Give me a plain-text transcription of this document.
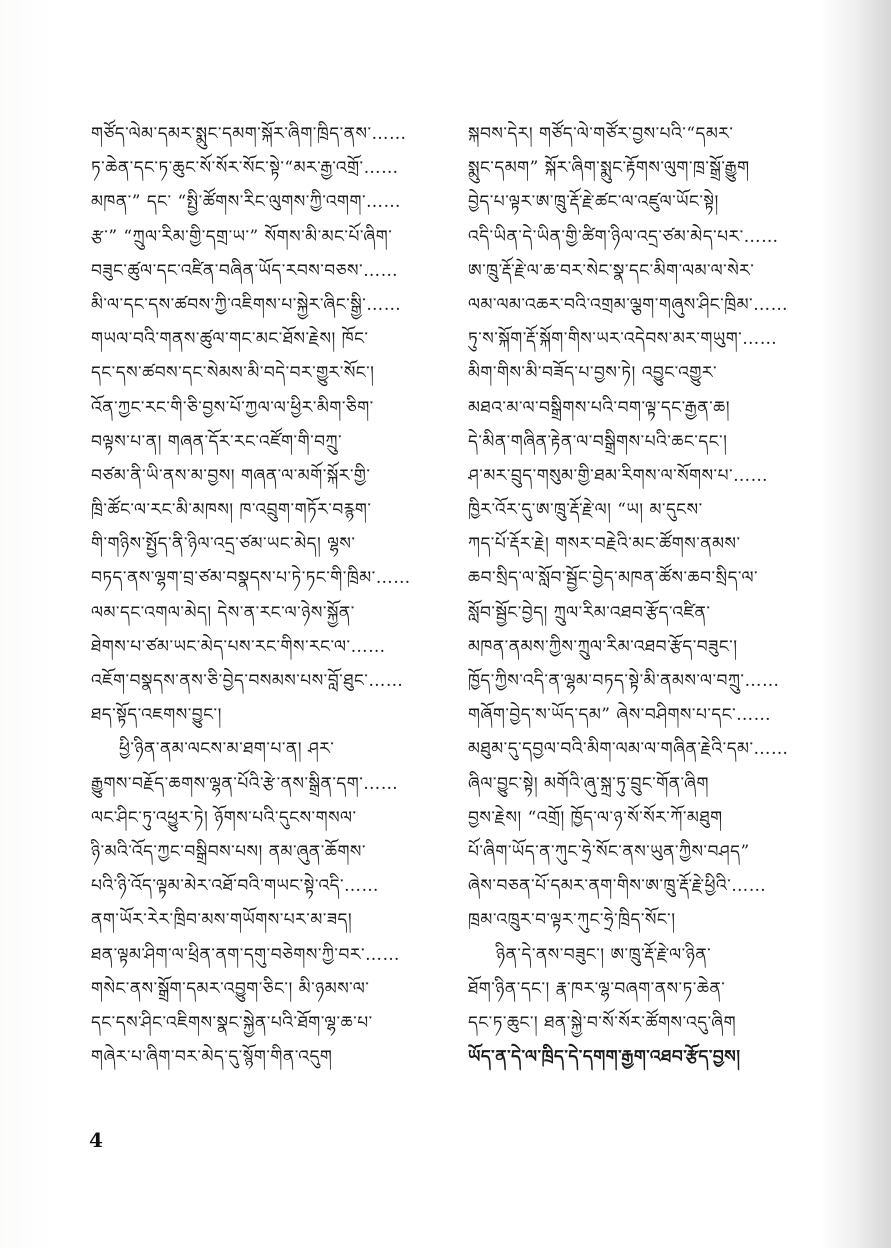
གཙོད་ལེམ་དམར་སྨུང་དམག་སྐོར་ཞིག་ཁྲིད་ནས་……
ཏ་ཆེན་དང་ཏ་ཆུང་སོ་སོར་སོང་སྟེ་“མར་རྒྱ་འགྲོ་……
མཁན་” དང་ “སྤྱི་ཚོགས་རིང་ལུགས་ཀྱི་འགག་……
རྩ་” “ཀྲུལ་རིམ་གྱི་དགྲ་ཡ་” སོགས་མི་མང་པོ་ཞིག་
བཟུང་ཚུལ་དང་འཛིན་བཞིན་ཡོད་རབས་བཅས་……
མི་ལ་དང་དས་ཚབས་ཀྱི་འཇིགས་པ་སྐྱེར་ཞིང་སྒྱི་……
གཡལ་བའི་གནས་ཚུལ་གང་མང་ཐོས་རྗེས། ཁོང་
དང་དས་ཚབས་དང་སེམས་མི་བདེ་བར་གྱུར་སོང་།
འོན་ཀྱང་རང་གི་ཅི་བྱས་པོ་ཀྱལ་ལ་ཕྱིར་མིག་ཅིག་
བལྟས་པ་ན། གཞན་དོར་རང་འཛོག་གི་བཀྲུ་
བཙམ་ནི་ཡི་ནས་མ་བྱས། གཞན་ལ་མགོ་སྐོར་གྱི་
ཁྲི་ཚོང་ལ་རང་མི་མཁས། ཁ་འབྲུག་གཏོར་བརྙག་
གི་གཉིས་སྤྱོད་ནི་ཉིལ་འདྲ་ཙམ་ཡང་མེད། ལྷས་
བཏད་ནས་ལྷག་བྲ་ཙམ་བསྣདས་པ་ཏེ་ཏང་གི་ཁྲིམ་……
ལམ་དང་འགལ་མེད། དེས་ན་རང་ལ་ཉེས་སྐྱོན་
ཐེགས་པ་ཙམ་ཡང་མེད་པས་རང་གིས་རང་ལ་……
འཇོག་བསྣདས་ནས་ཅི་བྱེད་བསམས་པས་བློ་ཐུང་……
ཐད་སྟོད་འཇགས་བྱུང་།
ཕྱི་ཉིན་ནམ་ལངས་མ་ཐག་པ་ན། ཤར་
རྒྱུགས་བརྗོད་ཆགས་ལྷན་པོའི་རྩེ་ནས་སྒྲིན་དག་……
ལང་ཤིང་ཏུ་འཕྱུར་ཏེ། ཉོགས་པའི་དུངས་གསལ་
ཉི་མའི་འོད་ཀྱང་བསྒྲིབས་པས། ནམ་ཞུན་ཆོགས་
པའི་ཉི་འོད་ལྟམ་མེར་འཐོ་བའི་གཡང་སྟེ་འདི་……
ནག་ཡོར་རེར་ཁྲིབ་མས་གཡོགས་པར་མ་ཟད།
ཐན་ལྟམ་ཤིག་ལ་ཕྲིན་ནག་དགུ་བཅེགས་ཀྱི་བར་……
གསེང་ནས་སྒྲོག་དམར་འབྱུག་ཅིང་། མི་ཉམས་ལ་
དང་དས་ཤིང་འཇིགས་སྣང་སྐྱེན་པའི་ཐོག་ལྷ་ཆ་པ་
གཞེར་པ་ཞིག་བར་མེད་དུ་སྙོག་གིན་འདུག
སྐབས་དེར། གཙོད་ལེ་གཙོར་བྱས་པའི་“དམར་
སྨུང་དམག” སྐོར་ཞིག་སྨུང་རྟོགས་ལུག་ཁྲ་སྒྲོ་རྒྱུག
བྱེད་པ་ལྟར་ཨ་ཁྲུ་རྡོ་རྗེ་ཚང་ལ་འཛུལ་ཡོང་སྟེ།
འདི་ཡིན་དེ་ཡིན་གྱི་ཚིག་ཉིལ་འདྲ་ཙམ་མེད་པར་……
ཨ་ཁྲུ་རྡོ་རྗེ་ལ་ཆ་བར་སེང་སྣ་དང་མིག་ལམ་ལ་སེར་
ལམ་ལམ་འཆར་བའི་འགྲམ་ལྕག་གཞུས་ཤིང་ཁྲིམ་……
ཏུ་ས་སྐོག་རྡོ་སྐོག་གིས་ཡར་འདེབས་མར་གཡུག་……
མིག་གིས་མི་བཟོད་པ་བྱས་ཏེ། འབྱུང་འགྱུར་
མཐའ་མ་ལ་བསྒྲིགས་པའི་བག་ལྟ་དང་རྒྱན་ཆ།
དེ་མིན་གཞིན་རྟེན་ལ་བསྒྲིགས་པའི་ཆང་དང་།
ཤ་མར་བྲུད་གསུམ་གྱི་ཐམ་རིགས་ལ་སོགས་པ་……
ཁྱིར་འོར་དུ་ཨ་ཁྲུ་རྡོ་རྗེ་ལ། “ཡ། མ་དུངས་
ཀད་པོ་རྡོར་རྗེ། གསར་བརྗེའི་མང་ཚོགས་ནམས་
ཆབ་སྲིད་ལ་སློབ་སྦྱོང་བྱེད་མཁན་ཚོས་ཆབ་སྲིད་ལ་
སློབ་སྦྱོང་བྱེད། ཀྲུལ་རིམ་འཐབ་རྩོད་འཛིན་
མཁན་ནམས་ཀྱིས་ཀྲུལ་རིམ་འཐབ་རྩོད་བཟུང་།
ཁྱོད་ཀྱིས་འདི་ན་ལྷམ་བཏད་སྟེ་མི་ནམས་ལ་བཀྲུ་……
གཞོག་བྱེད་ས་ཡོད་དམ” ཞེས་བཤིགས་པ་དང་……
མཐུམ་དུ་དབྱལ་བའི་མིག་ལམ་ལ་གཞིན་རྗེའི་དམ་……
ཞིལ་བྱུང་སྟེ། མགོའི་ཞུ་སྐྲ་ཏུ་བྲུང་གོན་ཞིག
བྱས་རྗེས། “འགྲོ། ཁྱོད་ལ་ཉ་སོ་སོར་ཀོ་མཐུག
པོ་ཞིག་ཡོད་ན་ཀུང་ཧྲེ་སོང་ནས་ཡུན་ཀྱིས་བཤད”
ཞེས་བཅན་པོ་དམར་ནག་གིས་ཨ་ཁྲུ་རྡོ་རྗེ་ཕྱིའི་……
ཁྲམ་འཁྲུར་བ་ལྟར་ཀུང་ཧྲེ་ཁྲིད་སོང་།
ཉིན་དེ་ནས་བཟུང་། ཨ་ཁྲུ་རྡོ་རྗེ་ལ་ཉིན་
ཐོག་ཉིན་དང་། རྣ་ཁར་ལྷ་བཞག་ནས་ཏ་ཆེན་
དང་ཏ་ཆུང་། ཐན་སྐྱེ་བ་སོ་སོར་ཚོགས་འདུ་ཞིག
ཡོད་ན་དེ་ལ་ཁྲིད་དེ་དགག་རྒྱག་འཐབ་རྩོད་བྱས།
4
